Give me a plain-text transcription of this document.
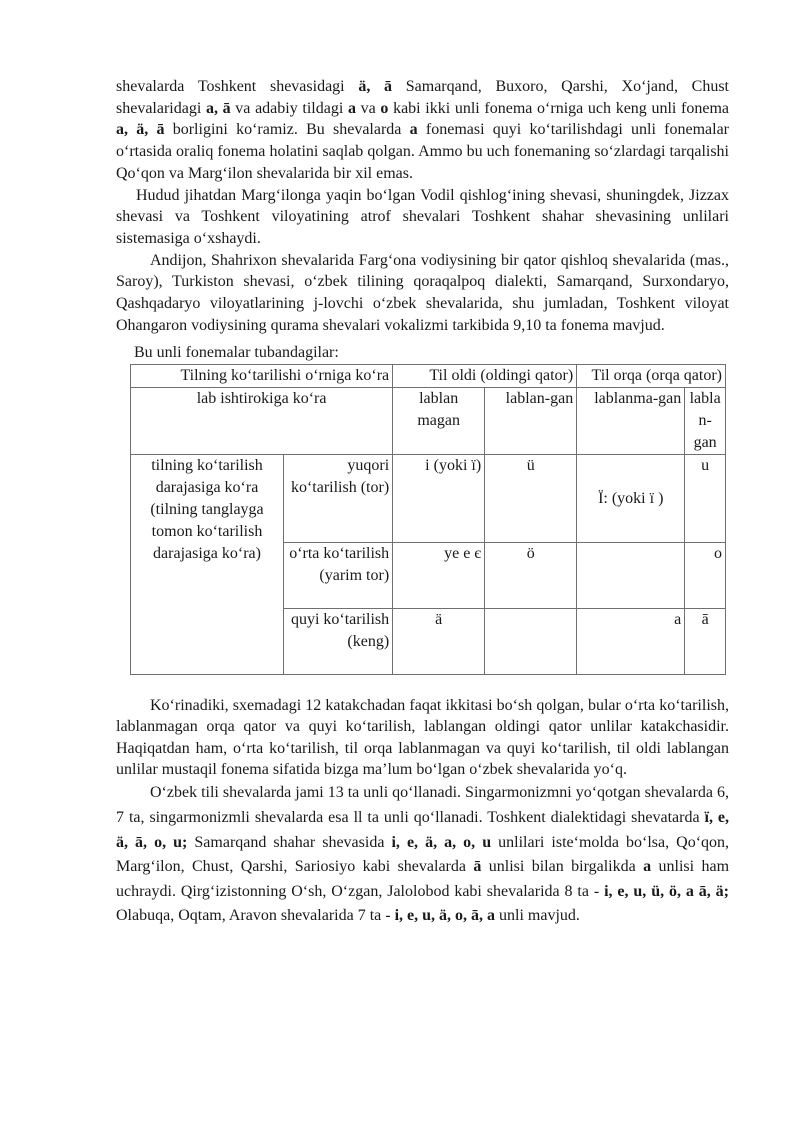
shevalarda Toshkent shevasidagi ä, ā Samarqand, Buxoro, Qarshi, Xoʻjand, Chust shevalaridagi a, ā va adabiy tildagi a va o kabi ikki unli fonema oʻrniga uch keng unli fonema a, ä, ā borligini koʻramiz. Bu shevalarda a fonemasi quyi koʻtarilishdagi unli fonemalar oʻrtasida oraliq fonema holatini saqlab qolgan. Ammo bu uch fonemaning soʻzlardagi tarqalishi Qoʻqon va Margʻilon shevalarida bir xil emas.

Hudud jihatdan Margʻilonga yaqin boʻlgan Vodil qishlogʻining shevasi, shuningdek, Jizzax shevasi va Toshkent viloyatining atrof shevalari Toshkent shahar shevasining unlilari sistemasiga oʻxshaydi.

Andijon, Shahrixon shevalarida Fargʻona vodiysining bir qator qishloq shevalarida (mas., Saroy), Turkiston shevasi, oʻzbek tilining qoraqalpoq dialekti, Samarqand, Surxondaryo, Qashqadaryo viloyatlarining j-lovchi oʻzbek shevalarida, shu jumladan, Toshkent viloyat Ohangaron vodiysining qurama shevalari vokalizmi tarkibida 9,10 ta fonema mavjud.

Bu unli fonemalar tubandagilar:

Tilning koʻtarilishi oʻrniga koʻra		Til oldi (oldingi qator)		Til orqa (orqa qator)	
lab ishtirokiga koʻra		lablan magan	lablan-gan	lablanma-gan	labla n-gan
tilning koʻtarilish darajasiga koʻra (tilning tanglayga tomon koʻtarilish darajasiga koʻra)	yuqori koʻtarilish (tor)	i (yoki ï)	ü	Ï: (yoki ï )	u
	oʻrta koʻtarilish (yarim tor)	ye e є	ö		o
	quyi koʻtarilish (keng)	ä		a	ā

Koʻrinadiki, sxemadagi 12 katakchadan faqat ikkitasi boʻsh qolgan, bular oʻrta koʻtarilish, lablanmagan orqa qator va quyi koʻtarilish, lablangan oldingi qator unlilar katakchasidir. Haqiqatdan ham, oʻrta koʻtarilish, til orqa lablanmagan va quyi koʻtarilish, til oldi lablangan unlilar mustaqil fonema sifatida bizga maʼlum boʻlgan oʻzbek shevalarida yoʻq.

Oʻzbek tili shevalarda jami 13 ta unli qoʻllanadi. Singarmonizmni yoʻqotgan shevalarda 6, 7 ta, singarmonizmli shevalarda esa ll ta unli qoʻllanadi. Toshkent dialektidagi shevatarda ï, e, ä, ā, o, u; Samarqand shahar shevasida i, e, ä, a, o, u unlilari isteʻmolda boʻlsa, Qoʻqon, Margʻilon, Chust, Qarshi, Sariosiyo kabi shevalarda ā unlisi bilan birgalikda a unlisi ham uchraydi. Qirgʻizistonning Oʻsh, Oʻzgan, Jalolobod kabi shevalarida 8 ta - i, e, u, ü, ö, a ā, ä; Olabuqa, Oqtam, Aravon shevalarida 7 ta - i, e, u, ä, o, ā, a unli mavjud.
